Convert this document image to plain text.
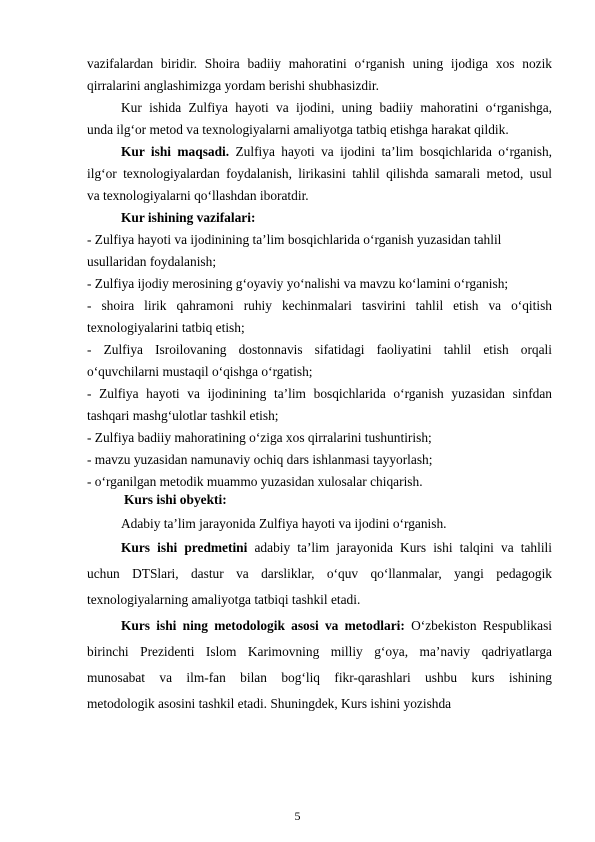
vazifalardan biridir. Shoira badiiy mahoratini o‘rganish uning ijodiga xos nozik
qirralarini anglashimizga yordam berishi shubhasizdir.
Kur ishida Zulfiya hayoti va ijodini, uning badiiy mahoratini o‘rganishga,
unda ilg‘or metod va texnologiyalarni amaliyotga tatbiq etishga harakat qildik.
Kur ishi maqsadi. Zulfiya hayoti va ijodini ta’lim bosqichlarida o‘rganish,
ilg‘or texnologiyalardan foydalanish, lirikasini tahlil qilishda samarali metod, usul
va texnologiyalarni qo‘llashdan iboratdir.
Kur ishining vazifalari:
- Zulfiya hayoti va ijodinining ta’lim bosqichlarida o‘rganish yuzasidan tahlil
usullaridan foydalanish;
- Zulfiya ijodiy merosining g‘oyaviy yo‘nalishi va mavzu ko‘lamini o‘rganish;
- shoira lirik qahramoni ruhiy kechinmalari tasvirini tahlil etish va o‘qitish
texnologiyalarini tatbiq etish;
- Zulfiya Isroilovaning dostonnavis sifatidagi faoliyatini tahlil etish orqali
o‘quvchilarni mustaqil o‘qishga o‘rgatish;
- Zulfiya hayoti va ijodinining ta’lim bosqichlarida o‘rganish yuzasidan sinfdan
tashqari mashg‘ulotlar tashkil etish;
- Zulfiya badiiy mahoratining o‘ziga xos qirralarini tushuntirish;
- mavzu yuzasidan namunaviy ochiq dars ishlanmasi tayyorlash;
- o‘rganilgan metodik muammo yuzasidan xulosalar chiqarish.
Kurs ishi obyekti:
Adabiy ta’lim jarayonida Zulfiya hayoti va ijodini o‘rganish.
Kurs ishi predmetini adabiy ta’lim jarayonida Kurs ishi talqini va tahlili
uchun DTSlari, dastur va darsliklar, o‘quv qo‘llanmalar, yangi pedagogik
texnologiyalarning amaliyotga tatbiqi tashkil etadi.
Kurs ishi ning metodologik asosi va metodlari: O‘zbekiston Respublikasi
birinchi Prezidenti Islom Karimovning milliy g‘oya, ma’naviy qadriyatlarga
munosabat va ilm-fan bilan bog‘liq fikr-qarashlari ushbu kurs ishining
metodologik asosini tashkil etadi. Shuningdek, Kurs ishini yozishda
5
